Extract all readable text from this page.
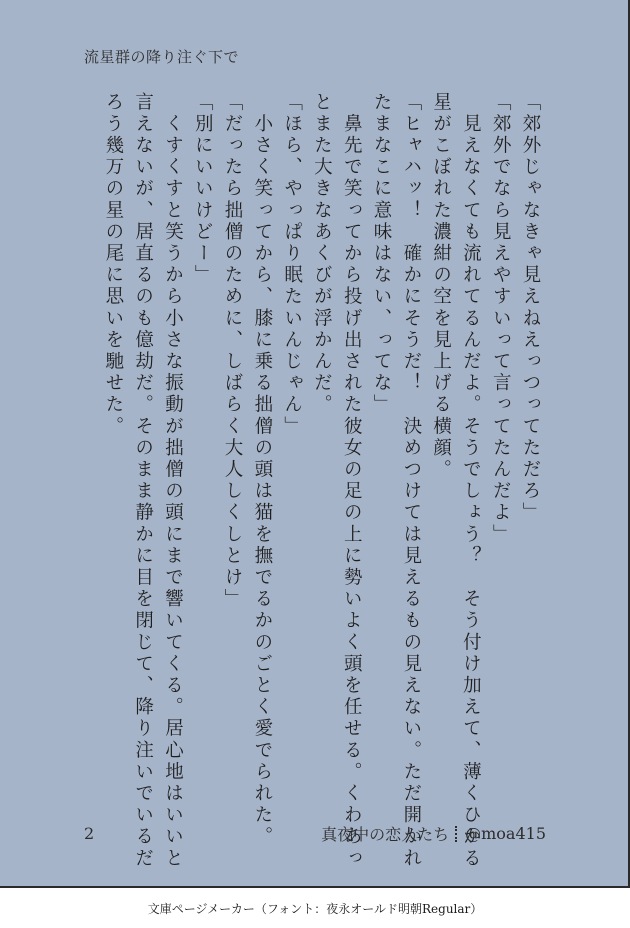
流星群の降り注ぐ下で

「郊外じゃなきゃ見えねえっつってただろ」

「郊外でなら見えやすいって言ってたんだよ」

　見えなくても流れてるんだよ。そうでしょう？　そう付け加えて、薄くひかる

星がこぼれた濃紺の空を見上げる横顔。

「ヒャハッ！　確かにそうだ！　決めつけては見えるもの見えない。ただ開かれ

たまなこに意味はない、ってな」

　鼻先で笑ってから投げ出された彼女の足の上に勢いよく頭を任せる。くわあっ

とまた大きなあくびが浮かんだ。

「ほら、やっぱり眠たいんじゃん」

　小さく笑ってから、膝に乗る拙僧の頭は猫を撫でるかのごとく愛でられた。

「だったら拙僧のために、しばらく大人しくしとけ」

「別にいいけどー」

　くすくすと笑うから小さな振動が拙僧の頭にまで響いてくる。居心地はいいと

言えないが、居直るのも億劫だ。そのまま静かに目を閉じて、降り注いでいるだ

ろう幾万の星の尾に思いを馳せた。

2	真夜中の恋人たち @moa415
文庫ページメーカー（フォント：夜永オールド明朝Regular）
